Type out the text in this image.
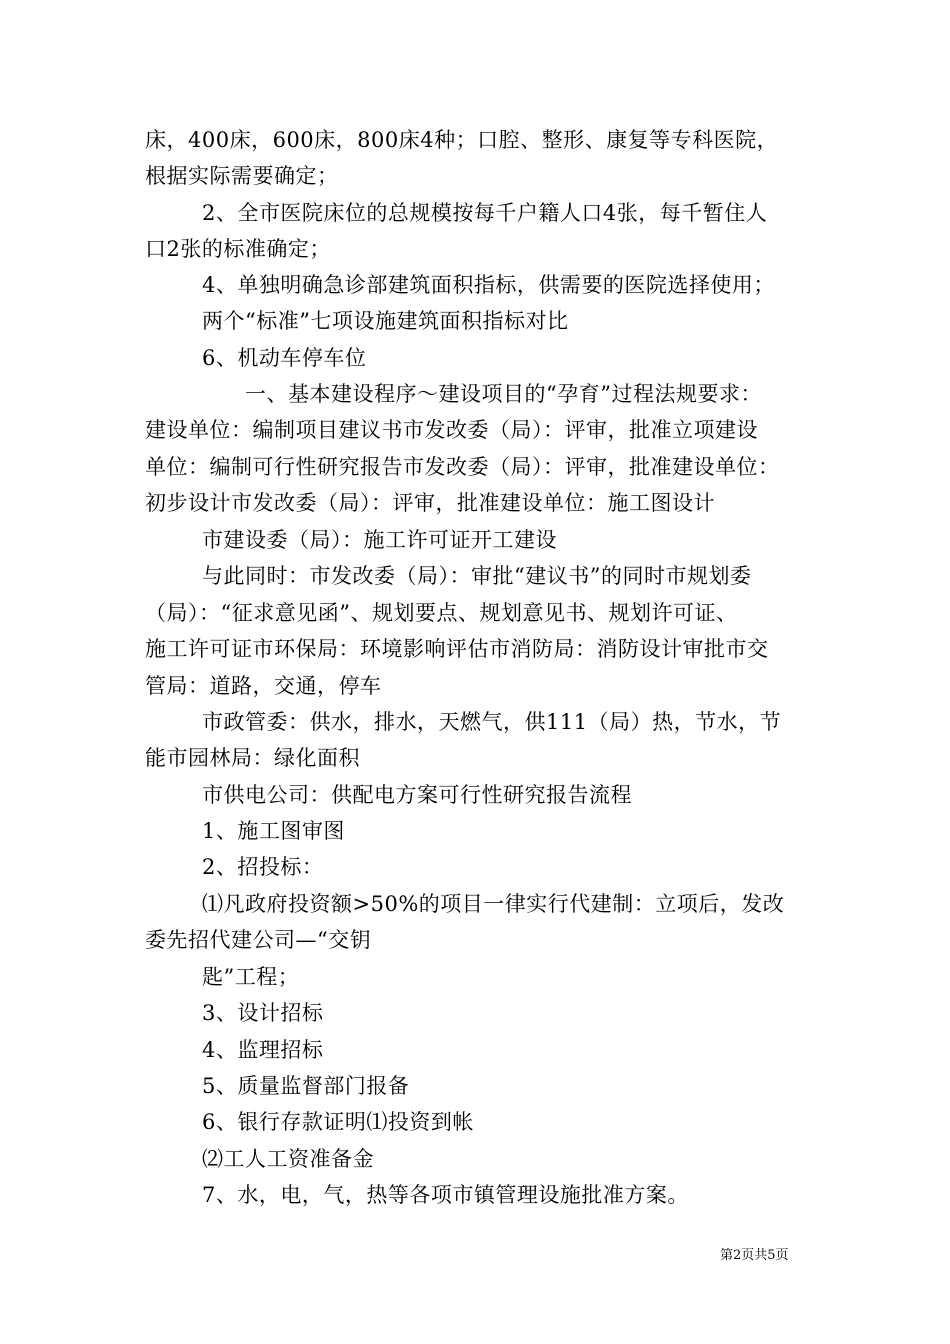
床，400床，600床，800床4种；口腔、整形、康复等专科医院，
根据实际需要确定；
2、全市医院床位的总规模按每千户籍人口4张，每千暂住人
口2张的标准确定；
4、单独明确急诊部建筑面积指标，供需要的医院选择使用；
两个“标准”七项设施建筑面积指标对比
6、机动车停车位
一、基本建设程序～建设项目的“孕育”过程法规要求：
建设单位：编制项目建议书市发改委（局）：评审，批准立项建设
单位：编制可行性研究报告市发改委（局）：评审，批准建设单位：
初步设计市发改委（局）：评审，批准建设单位：施工图设计
市建设委（局）：施工许可证开工建设
与此同时：市发改委（局）：审批“建议书”的同时市规划委
（局）：“征求意见函”、规划要点、规划意见书、规划许可证、
施工许可证市环保局：环境影响评估市消防局：消防设计审批市交
管局：道路，交通，停车
市政管委：供水，排水，天燃气，供111（局）热，节水，节
能市园林局：绿化面积
市供电公司：供配电方案可行性研究报告流程
1、施工图审图
2、招投标：
⑴凡政府投资额>50%的项目一律实行代建制：立项后，发改
委先招代建公司—“交钥
匙”工程；
3、设计招标
4、监理招标
5、质量监督部门报备
6、银行存款证明⑴投资到帐
⑵工人工资准备金
7、水，电，气，热等各项市镇管理设施批准方案。
第2页共5页
